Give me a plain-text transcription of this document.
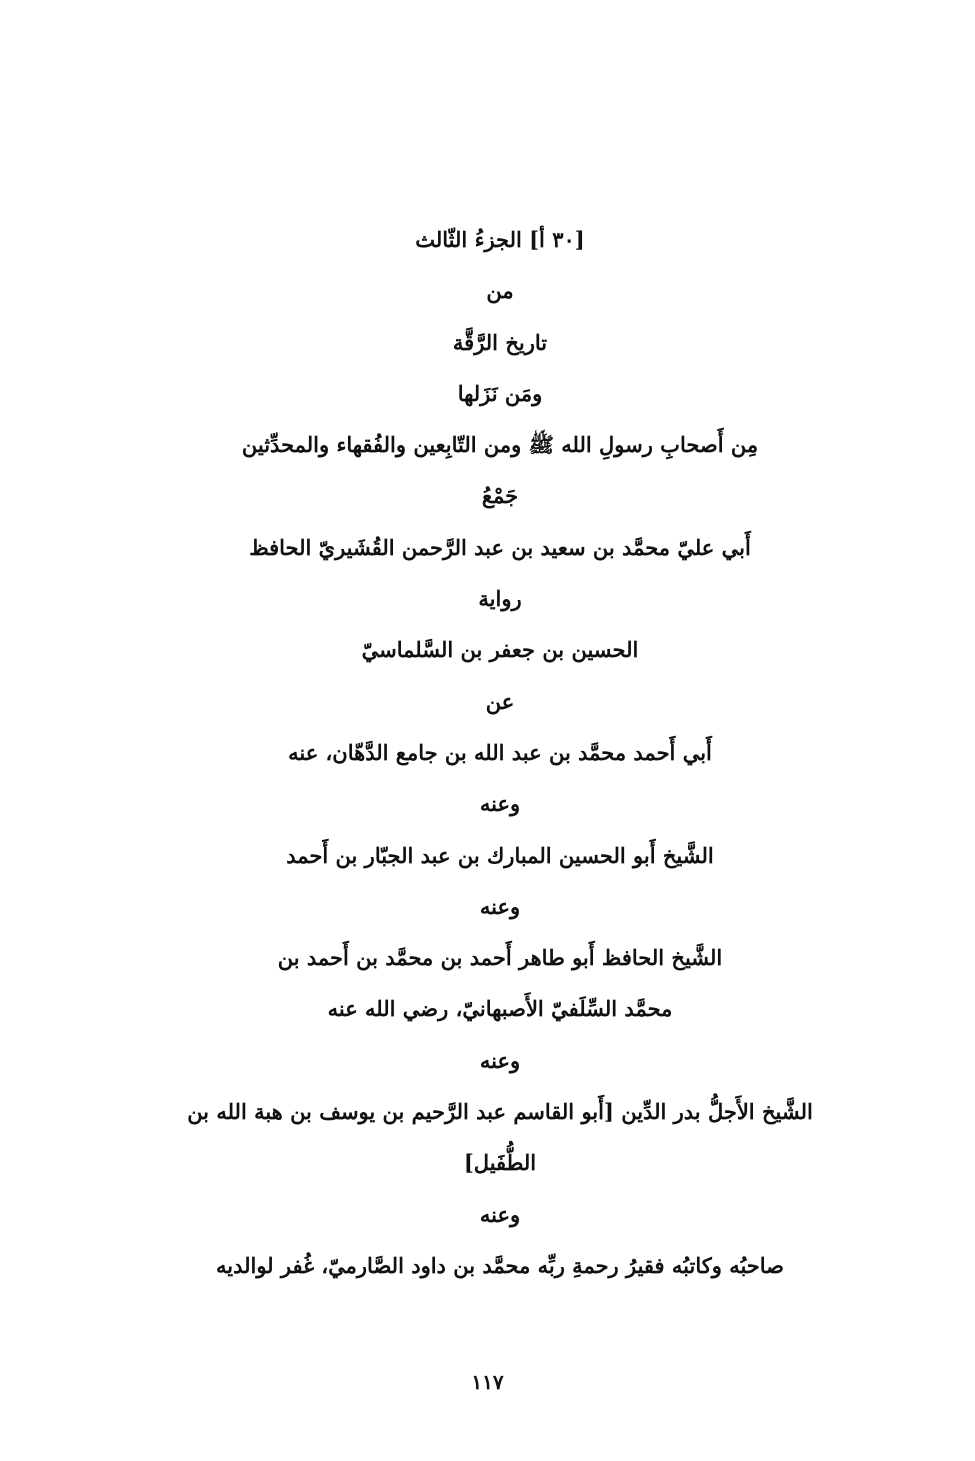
[٣٠ أ] الجزءُ الثّالث
من
تاريخ الرَّقَّة
ومَن نَزَلها
مِن أَصحابِ رسولِ الله ﷺ ومن التّابِعين والفُقهاء والمحدِّثين
جَمْعُ
أَبي عليّ محمَّد بن سعيد بن عبد الرَّحمن القُشَيريّ الحافظ
رواية
الحسين بن جعفر بن السَّلماسيّ
عن
أَبي أَحمد محمَّد بن عبد الله بن جامع الدَّهّان، عنه
وعنه
الشَّيخ أَبو الحسين المبارك بن عبد الجبّار بن أَحمد
وعنه
الشَّيخ الحافظ أَبو طاهر أَحمد بن محمَّد بن أَحمد بن
محمَّد السِّلَفيّ الأَصبهانيّ، رضي الله عنه
وعنه
الشَّيخ الأَجلُّ بدر الدِّين [أَبو القاسم عبد الرَّحيم بن يوسف بن هبة الله بن
الطُّفَيل]
وعنه
صاحبُه وكاتبُه فقيرُ رحمةِ ربِّه محمَّد بن داود الصَّارميّ، غُفر لوالديه
١١٧
